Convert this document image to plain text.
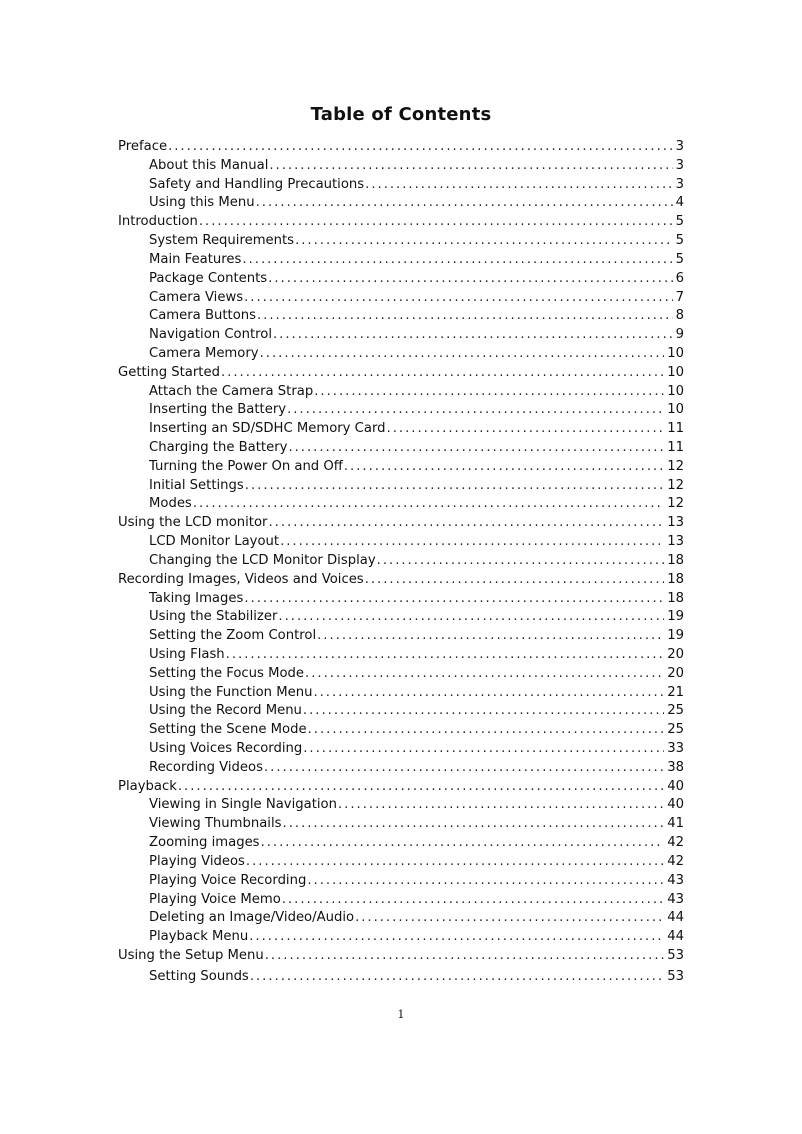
Table of Contents
Preface . . .	3
About this Manual . . .	3
Safety and Handling Precautions . . .	3
Using this Menu . . .	4
Introduction . . .	5
System Requirements . . .	5
Main Features . . .	5
Package Contents . . .	6
Camera Views . . .	7
Camera Buttons . . .	8
Navigation Control . . .	9
Camera Memory . . .	10
Getting Started . . .	10
Attach the Camera Strap . . .	10
Inserting the Battery . . .	10
Inserting an SD/SDHC Memory Card . . .	11
Charging the Battery . . .	11
Turning the Power On and Off . . .	12
Initial Settings . . .	12
Modes . . .	12
Using the LCD monitor . . .	13
LCD Monitor Layout . . .	13
Changing the LCD Monitor Display . . .	18
Recording Images, Videos and Voices . . .	18
Taking Images . . .	18
Using the Stabilizer . . .	19
Setting the Zoom Control . . .	19
Using Flash . . .	20
Setting the Focus Mode . . .	20
Using the Function Menu . . .	21
Using the Record Menu . . .	25
Setting the Scene Mode . . .	25
Using Voices Recording . . .	33
Recording Videos . . .	38
Playback . . .	40
Viewing in Single Navigation . . .	40
Viewing Thumbnails . . .	41
Zooming images . . .	42
Playing Videos . . .	42
Playing Voice Recording . . .	43
Playing Voice Memo . . .	43
Deleting an Image/Video/Audio . . .	44
Playback Menu . . .	44
Using the Setup Menu . . .	53
Setting Sounds . . .	53
1
